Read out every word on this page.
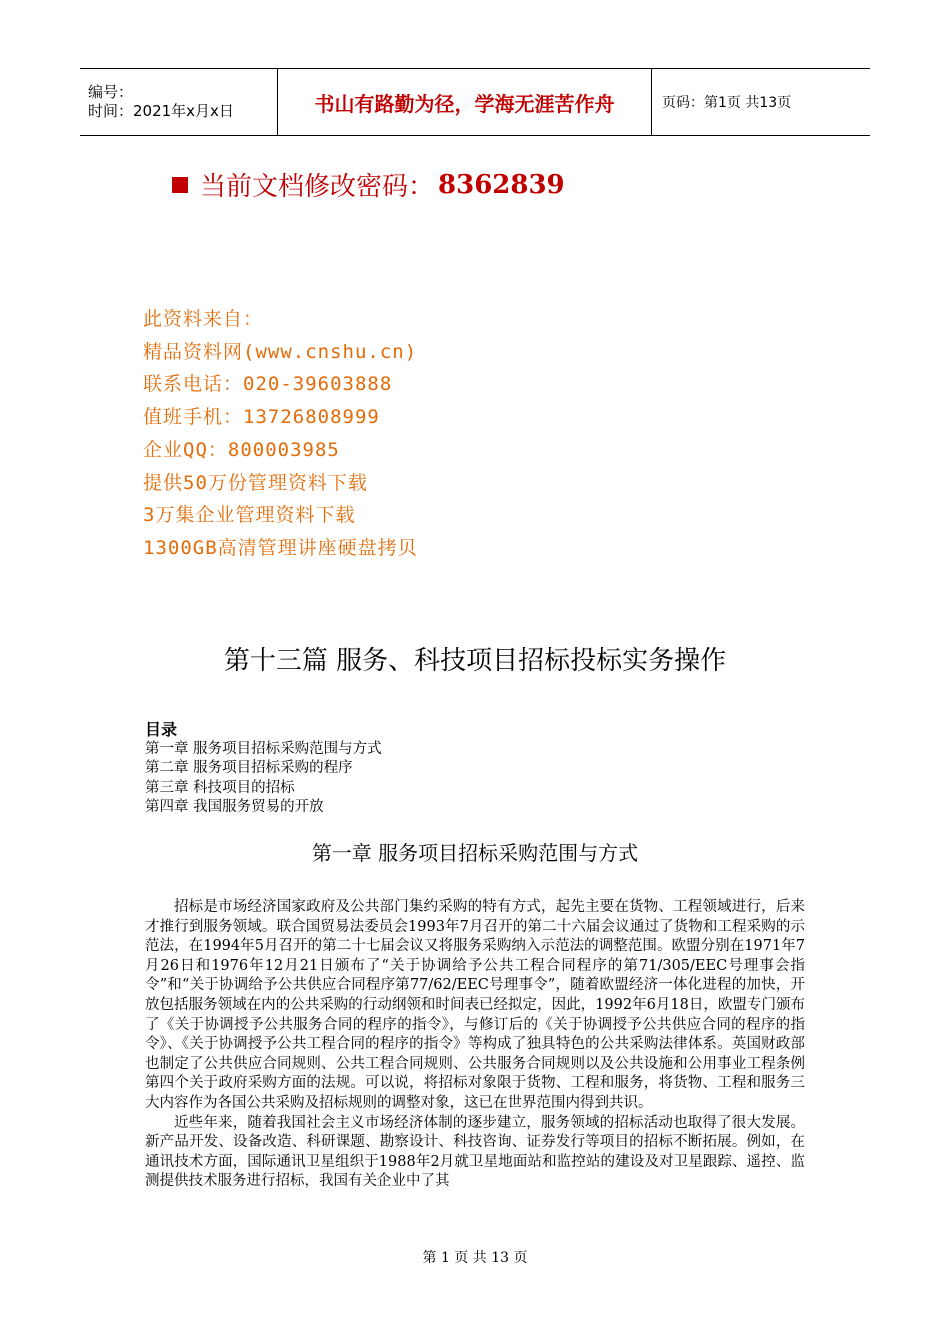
编号：
时间：2021年x月x日	书山有路勤为径，学海无涯苦作舟	页码：第1页 共13页
当前文档修改密码： 8362839
此资料来自：
精品资料网(www.cnshu.cn)
联系电话：020-39603888
值班手机：13726808999
企业QQ：800003985
提供50万份管理资料下载
3万集企业管理资料下载
1300GB高清管理讲座硬盘拷贝
第十三篇 服务、科技项目招标投标实务操作
目录
第一章 服务项目招标采购范围与方式
第二章 服务项目招标采购的程序
第三章 科技项目的招标
第四章 我国服务贸易的开放
第一章 服务项目招标采购范围与方式

招标是市场经济国家政府及公共部门集约采购的特有方式，起先主要在货物、工程领域进行，后来才推行到服务领域。联合国贸易法委员会1993年7月召开的第二十六届会议通过了货物和工程采购的示范法，在1994年5月召开的第二十七届会议又将服务采购纳入示范法的调整范围。欧盟分别在1971年7月26日和1976年12月21日颁布了“关于协调给予公共工程合同程序的第71/305/EEC号理事会指令”和“关于协调给予公共供应合同程序第77/62/EEC号理事令”，随着欧盟经济一体化进程的加快，开放包括服务领域在内的公共采购的行动纲领和时间表已经拟定，因此，1992年6月18日，欧盟专门颁布了《关于协调授予公共服务合同的程序的指令》，与修订后的《关于协调授予公共供应合同的程序的指令》、《关于协调授予公共工程合同的程序的指令》等构成了独具特色的公共采购法律体系。英国财政部也制定了公共供应合同规则、公共工程合同规则、公共服务合同规则以及公共设施和公用事业工程条例第四个关于政府采购方面的法规。可以说，将招标对象限于货物、工程和服务，将货物、工程和服务三大内容作为各国公共采购及招标规则的调整对象，这已在世界范围内得到共识。

近些年来，随着我国社会主义市场经济体制的逐步建立，服务领域的招标活动也取得了很大发展。新产品开发、设备改造、科研课题、勘察设计、科技咨询、证券发行等项目的招标不断拓展。例如，在通讯技术方面，国际通讯卫星组织于1988年2月就卫星地面站和监控站的建设及对卫星跟踪、遥控、监测提供技术服务进行招标，我国有关企业中了其

第 1 页 共 13 页
